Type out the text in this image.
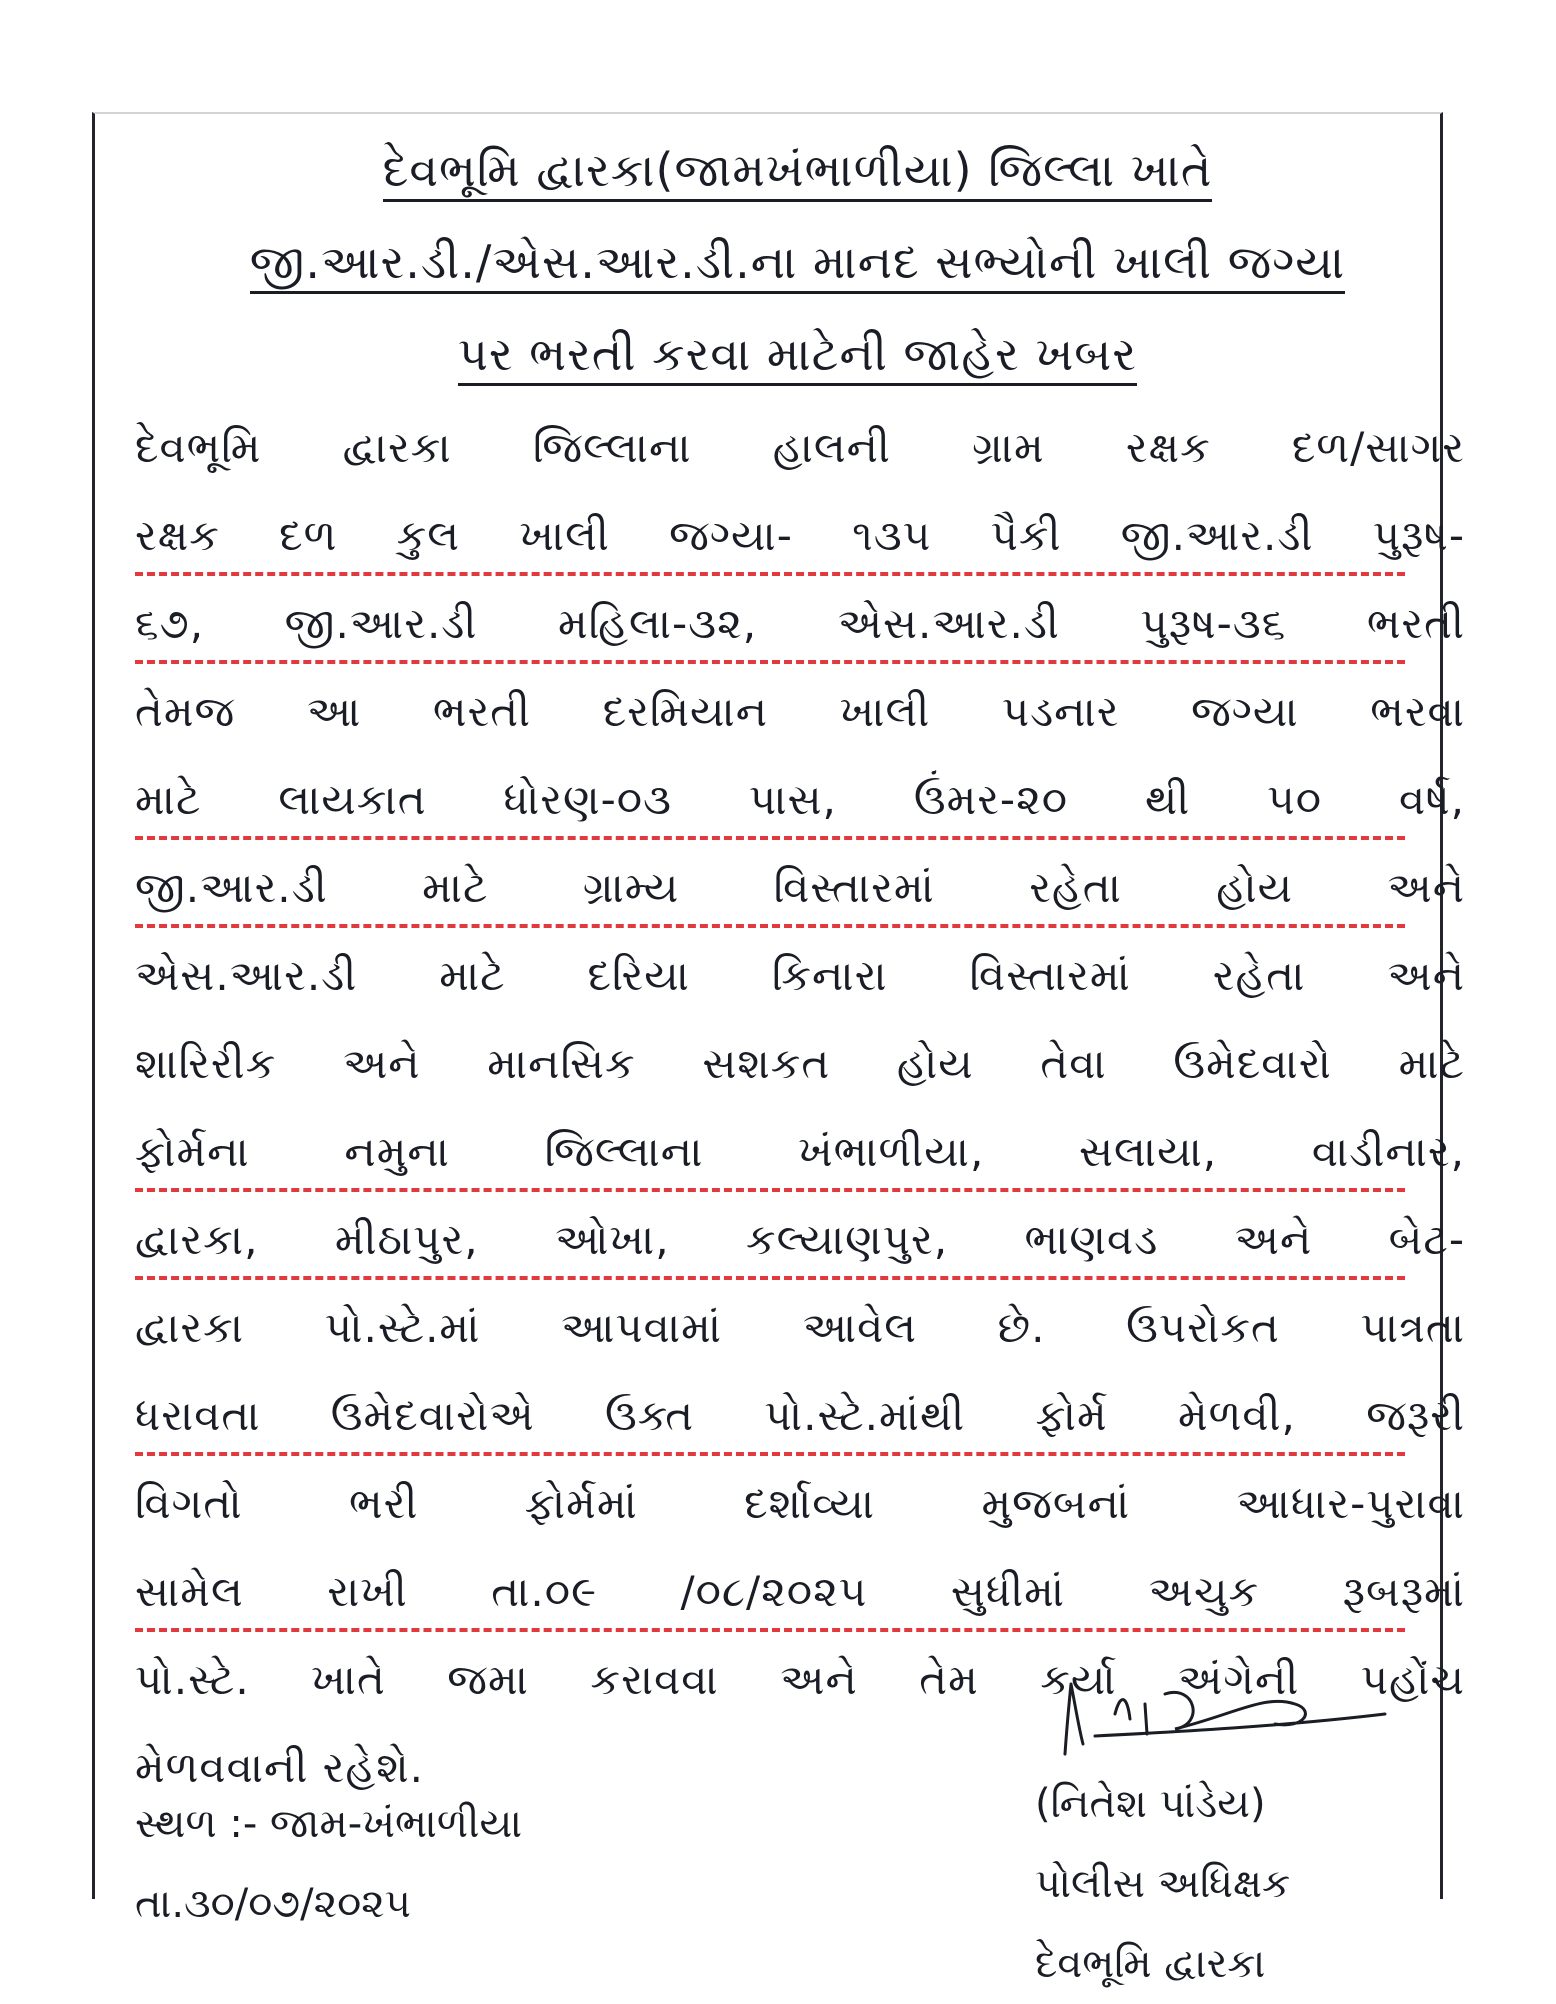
દેવભૂમિ દ્વારકા(જામખંભાળીયા) જિલ્લા ખાતે
જી.આર.ડી./એસ.આર.ડી.ના માનદ સભ્યોની ખાલી જગ્યા
પર ભરતી કરવા માટેની જાહેર ખબર
દેવભૂમિ દ્વારકા જિલ્લાના હાલની ગ્રામ રક્ષક દળ/સાગર
રક્ષક દળ કુલ ખાલી જગ્યા- ૧૩૫ પૈકી જી.આર.ડી પુરૂષ-
૬૭, જી.આર.ડી મહિલા-૩૨, એસ.આર.ડી પુરૂષ-૩૬ ભરતી
તેમજ આ ભરતી દરમિયાન ખાલી પડનાર જગ્યા ભરવા
માટે લાયકાત ધોરણ-૦૩ પાસ, ઉંમર-૨૦ થી ૫૦ વર્ષ,
જી.આર.ડી માટે ગ્રામ્ય વિસ્તારમાં રહેતા હોય અને
એસ.આર.ડી માટે દરિયા કિનારા વિસ્તારમાં રહેતા અને
શારિરીક અને માનસિક સશકત હોય તેવા ઉમેદવારો માટે
ફોર્મના નમુના જિલ્લાના ખંભાળીયા, સલાયા, વાડીનાર,
દ્વારકા, મીઠાપુર, ઓખા, કલ્યાણપુર, ભાણવડ અને બેટ-
દ્વારકા પો.સ્ટે.માં આપવામાં આવેલ છે. ઉપરોકત પાત્રતા
ધરાવતા ઉમેદવારોએ ઉક્ત પો.સ્ટે.માંથી ફોર્મ મેળવી, જરૂરી
વિગતો ભરી ફોર્મમાં દર્શાવ્યા મુજબનાં આધાર-પુરાવા
સામેલ રાખી તા.૦૯ /૦૮/૨૦૨૫ સુધીમાં અચુક રૂબરૂમાં
પો.સ્ટે. ખાતે જમા કરાવવા અને તેમ કર્યા અંગેની પહોંચ
મેળવવાની રહેશે.
સ્થળ :- જામ-ખંભાળીયા
તા.૩૦/૦૭/૨૦૨૫
(નિતેશ પાંડેય)
પોલીસ અધિક્ષક
દેવભૂમિ દ્વારકા
